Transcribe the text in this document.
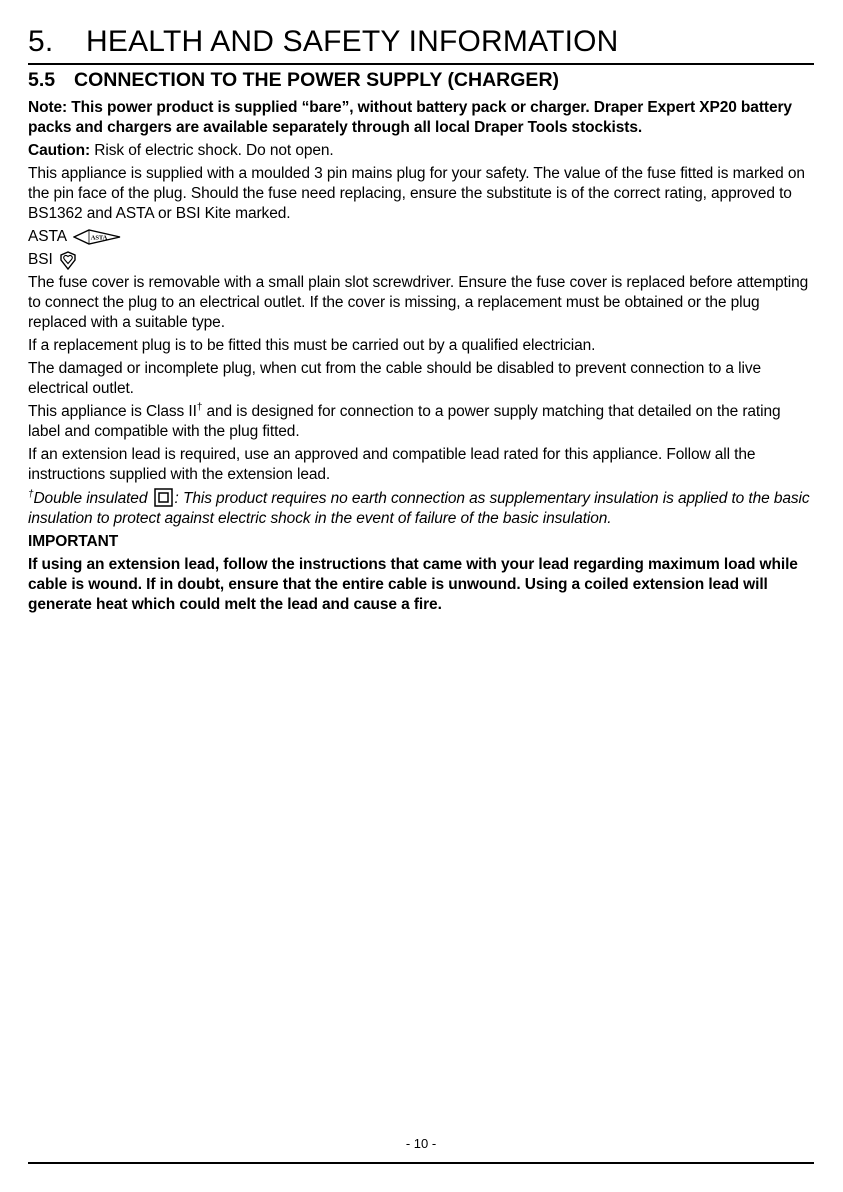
5. HEALTH AND SAFETY INFORMATION
5.5 CONNECTION TO THE POWER SUPPLY (CHARGER)

Note: This power product is supplied “bare”, without battery pack or charger. Draper Expert XP20 battery packs and chargers are available separately through all local Draper Tools stockists.

Caution: Risk of electric shock. Do not open.

This appliance is supplied with a moulded 3 pin mains plug for your safety. The value of the fuse fitted is marked on the pin face of the plug. Should the fuse need replacing, ensure the substitute is of the correct rating, approved to BS1362 and ASTA or BSI Kite marked.

ASTA	ASTA
BSI

The fuse cover is removable with a small plain slot screwdriver. Ensure the fuse cover is replaced before attempting to connect the plug to an electrical outlet. If the cover is missing, a replacement must be obtained or the plug replaced with a suitable type.

If a replacement plug is to be fitted this must be carried out by a qualified electrician.

The damaged or incomplete plug, when cut from the cable should be disabled to prevent connection to a live electrical outlet.

This appliance is Class II† and is designed for connection to a power supply matching that detailed on the rating label and compatible with the plug fitted.

If an extension lead is required, use an approved and compatible lead rated for this appliance. Follow all the instructions supplied with the extension lead.

†Double insulated : This product requires no earth connection as supplementary insulation is applied to the basic insulation to protect against electric shock in the event of failure of the basic insulation.

IMPORTANT

If using an extension lead, follow the instructions that came with your lead regarding maximum load while cable is wound. If in doubt, ensure that the entire cable is unwound. Using a coiled extension lead will generate heat which could melt the lead and cause a fire.

- 10 -
